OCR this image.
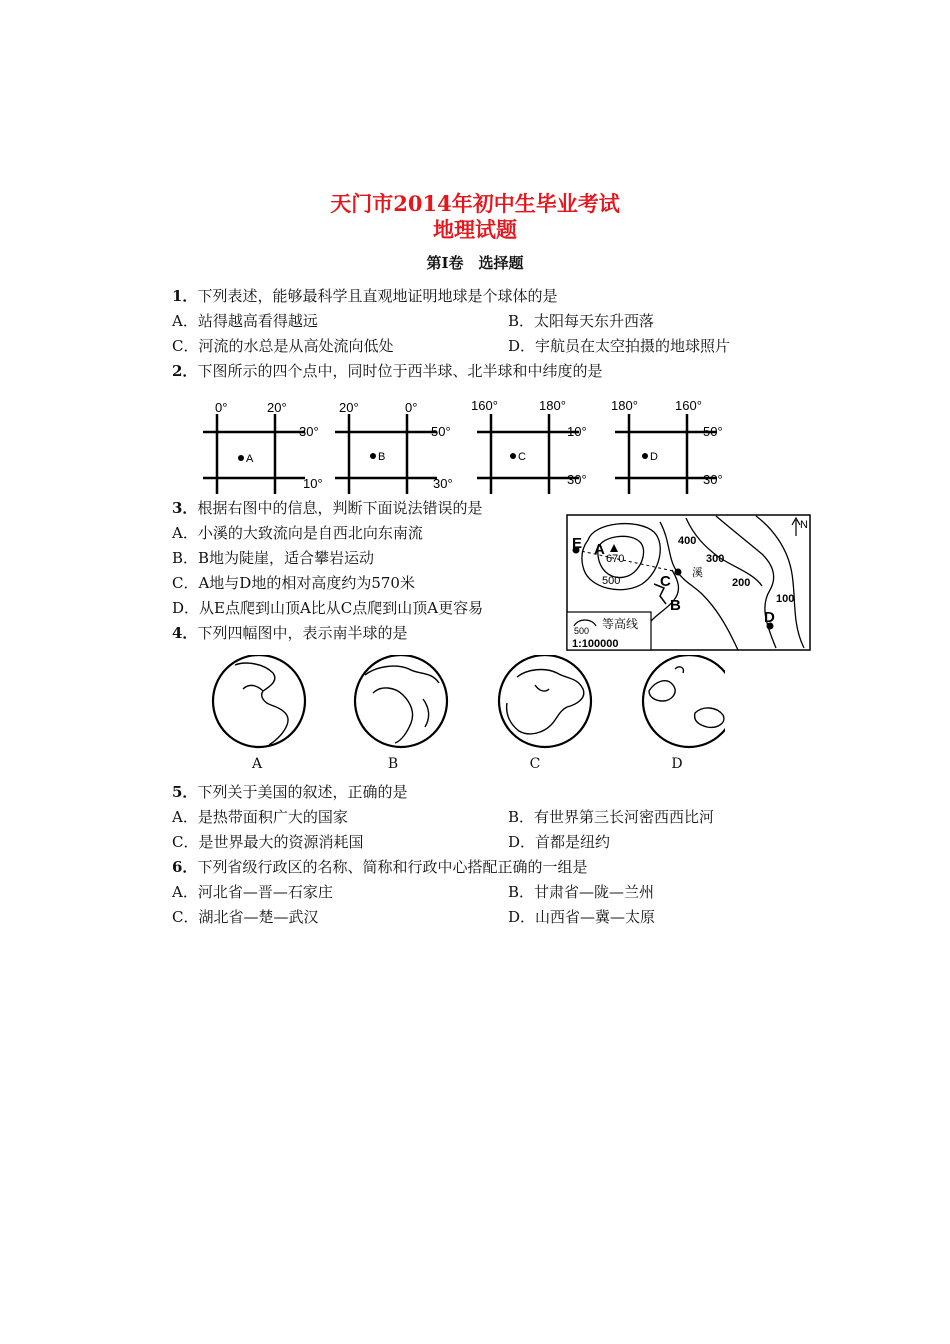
天门市2014年初中生毕业考试
地理试题
第Ⅰ卷　选择题
1．下列表述，能够最科学且直观地证明地球是个球体的是
A．站得越高看得越远	B．太阳每天东升西落
C．河流的水总是从高处流向低处	D．宇航员在太空拍摄的地球照片
2．下图所示的四个点中，同时位于西半球、北半球和中纬度的是
0°	20°
30°
10°
A
20°	0°
50°
30°
B
160°	180°
10°
30°
C
180°	160°
50°
30°
D
3．根据右图中的信息，判断下面说法错误的是
A．小溪的大致流向是自西北向东南流
B．B地为陡崖，适合攀岩运动
C．A地与D地的相对高度约为570米
D．从E点爬到山顶A比从C点爬到山顶A更容易
E A
670
C
B
D
400
300
200
100
500
溪
N
500 等高线
1:100000
4．下列四幅图中，表示南半球的是
A	B	C	D
5．下列关于美国的叙述，正确的是
A．是热带面积广大的国家	B．有世界第三长河密西西比河
C．是世界最大的资源消耗国	D．首都是纽约
6．下列省级行政区的名称、简称和行政中心搭配正确的一组是
A．河北省—晋—石家庄	B．甘肃省—陇—兰州
C．湖北省—楚—武汉	D．山西省—冀—太原
